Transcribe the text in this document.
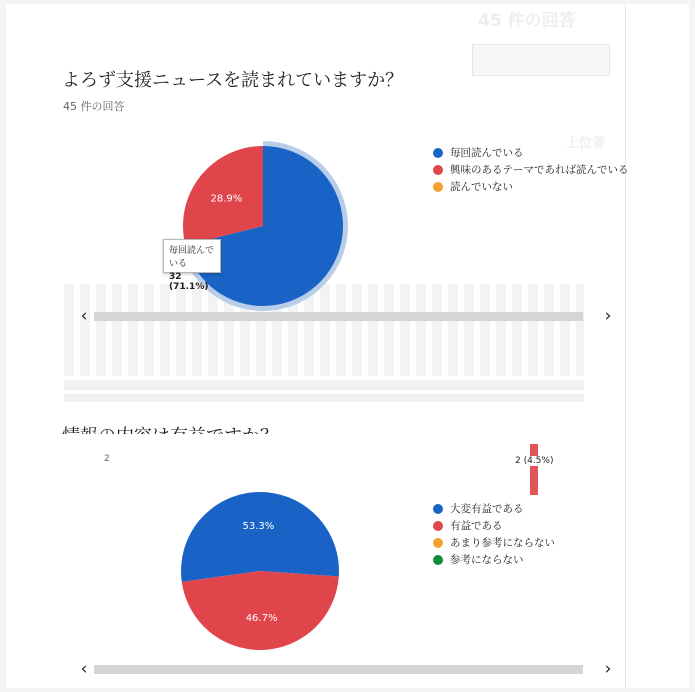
45 件の回答
上位者
よろず支援ニュースを読まれていますか？
45 件の回答
28.9%
毎回読んでいる
興味のあるテーマであれば読んでいる
読んでいない
毎回読んでいる
32 (71.1%)
‹	›
2	2 (4.5%)
53.3%
46.7%
大変有益である
有益である
あまり参考にならない
参考にならない
‹	›
